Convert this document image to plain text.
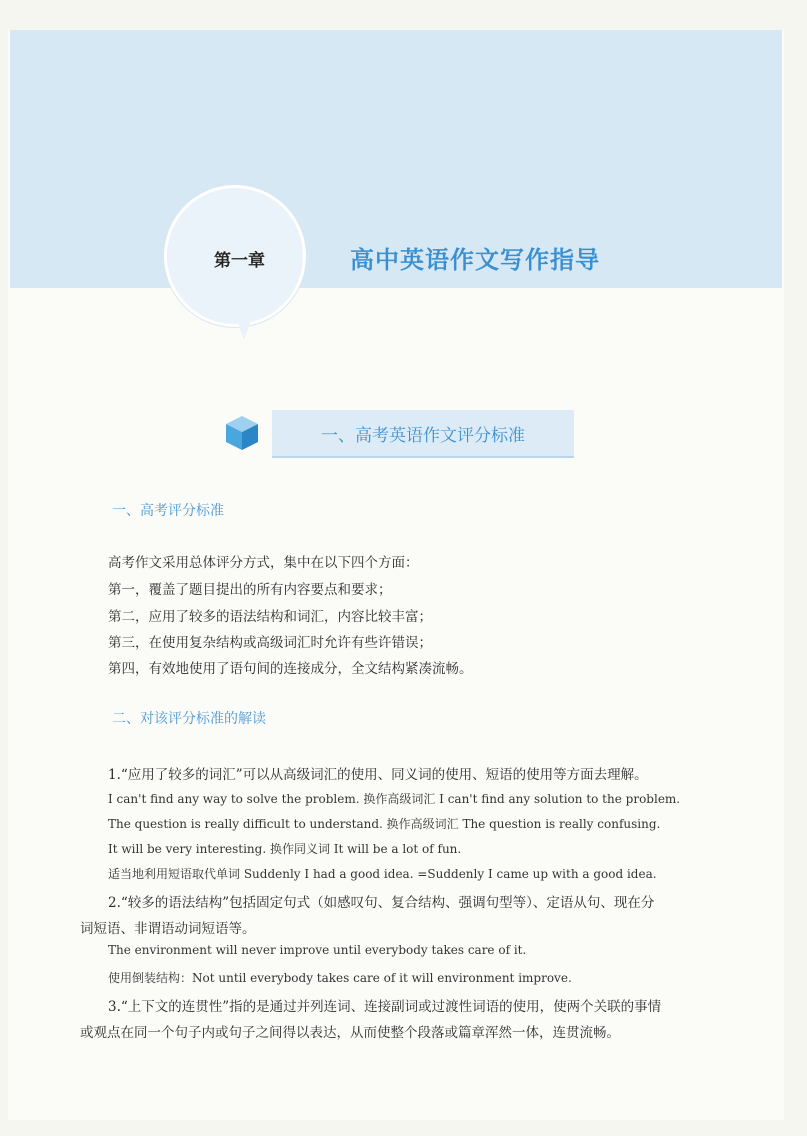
第一章	高中英语作文写作指导
一、高考英语作文评分标准
一、高考评分标准
高考作文采用总体评分方式，集中在以下四个方面：
第一，覆盖了题目提出的所有内容要点和要求；
第二，应用了较多的语法结构和词汇，内容比较丰富；
第三，在使用复杂结构或高级词汇时允许有些许错误；
第四，有效地使用了语句间的连接成分，全文结构紧凑流畅。
二、对该评分标准的解读
1.“应用了较多的词汇”可以从高级词汇的使用、同义词的使用、短语的使用等方面去理解。
I can't find any way to solve the problem. 换作高级词汇 I can't find any solution to the problem.
The question is really difficult to understand. 换作高级词汇 The question is really confusing.
It will be very interesting. 换作同义词 It will be a lot of fun.
适当地利用短语取代单词 Suddenly I had a good idea. =Suddenly I came up with a good idea.
2.“较多的语法结构”包括固定句式（如感叹句、复合结构、强调句型等）、定语从句、现在分
词短语、非谓语动词短语等。
The environment will never improve until everybody takes care of it.
使用倒装结构：Not until everybody takes care of it will environment improve.
3.“上下文的连贯性”指的是通过并列连词、连接副词或过渡性词语的使用，使两个关联的事情
或观点在同一个句子内或句子之间得以表达，从而使整个段落或篇章浑然一体，连贯流畅。
